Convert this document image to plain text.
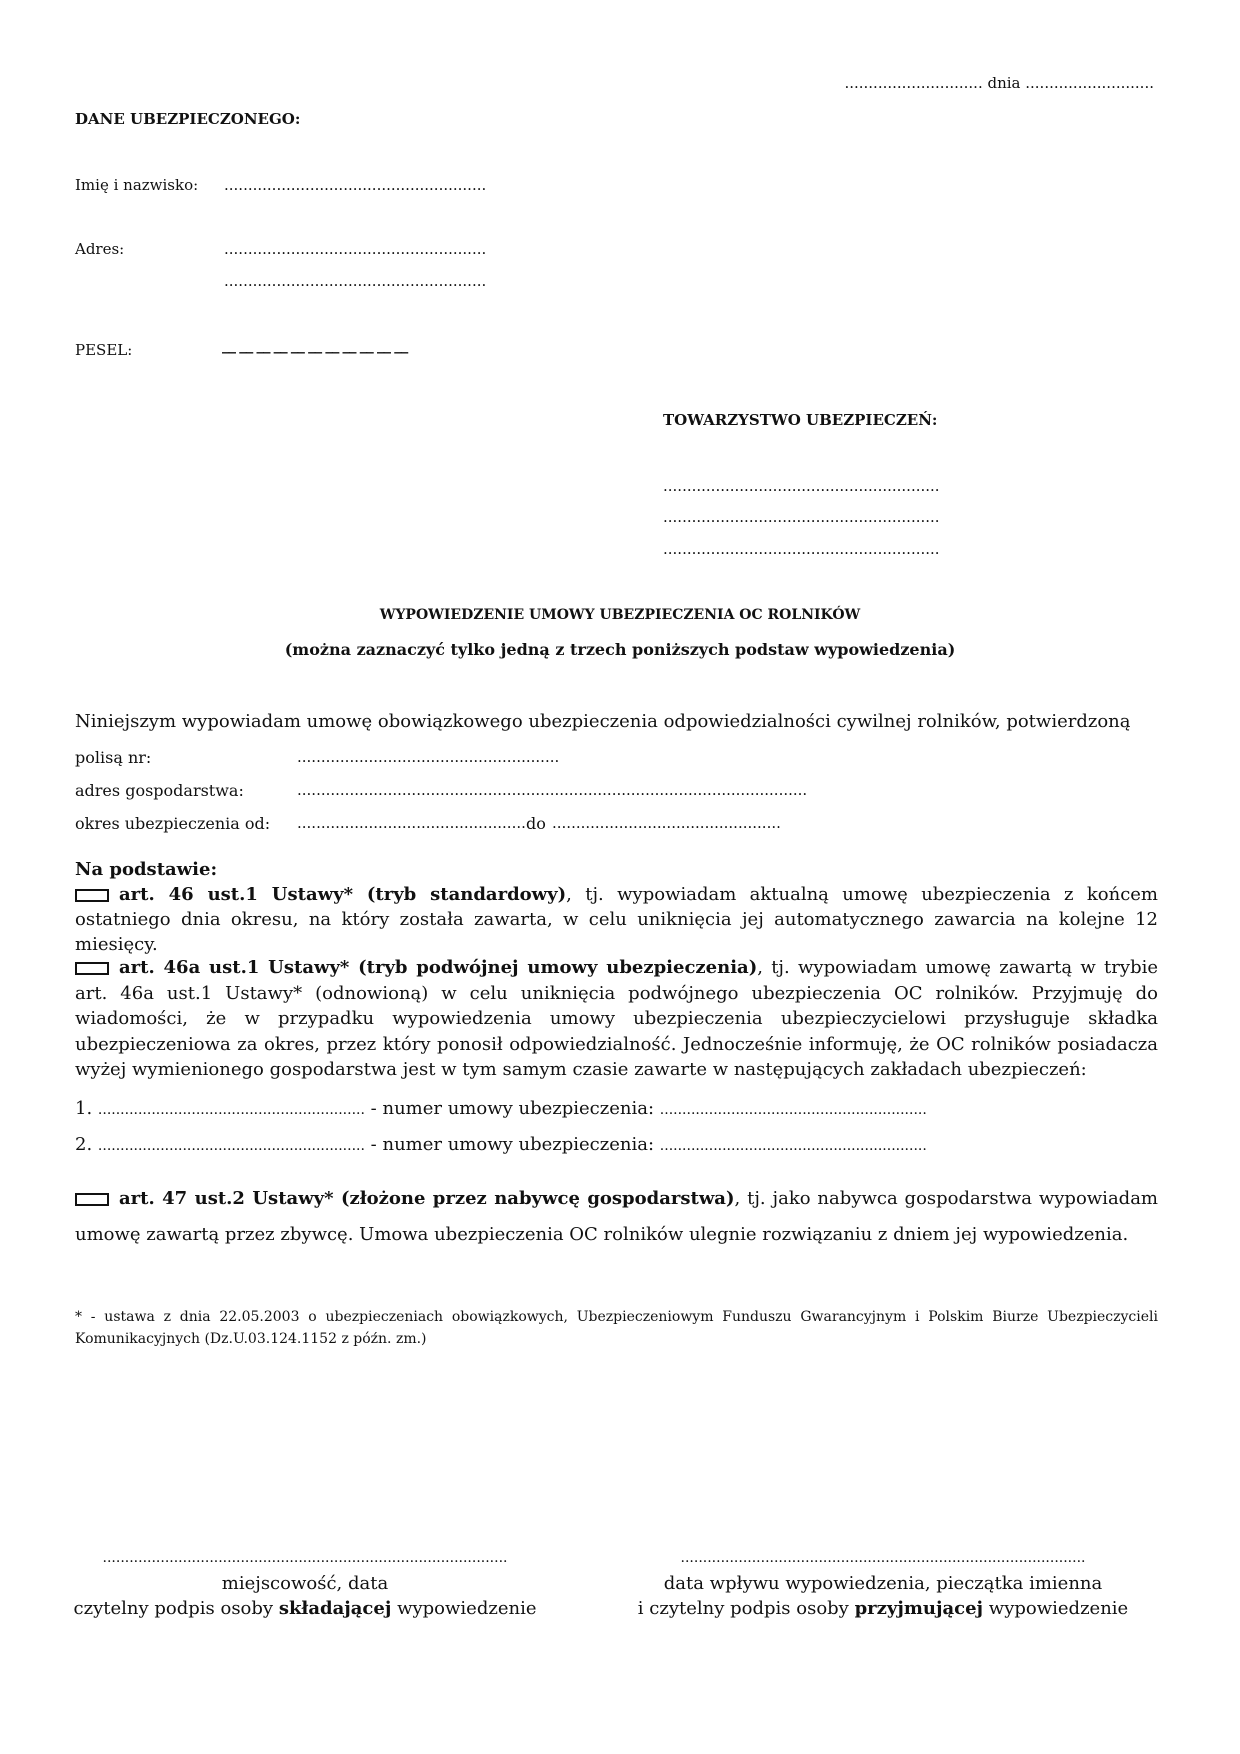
............................. dnia ...........................
DANE UBEZPIECZONEGO:
Imię i nazwisko: .......................................................
Adres:	.......................................................
.......................................................
PESEL:	__ __ __ __ __ __ __ __ __ __ __
TOWARZYSTWO UBEZPIECZEŃ:
..........................................................
..........................................................
..........................................................
WYPOWIEDZENIE UMOWY UBEZPIECZENIA OC ROLNIKÓW
(można zaznaczyć tylko jedną z trzech poniższych podstaw wypowiedzenia)
Niniejszym wypowiadam umowę obowiązkowego ubezpieczenia odpowiedzialności cywilnej rolników, potwierdzoną
polisą nr:	.......................................................
adres gospodarstwa:	...........................................................................................................
okres ubezpieczenia od: ................................................ do ................................................
Na podstawie:
art. 46 ust.1 Ustawy* (tryb standardowy), tj. wypowiadam aktualną umowę ubezpieczenia z końcem ostatniego dnia okresu, na który została zawarta, w celu uniknięcia jej automatycznego zawarcia na kolejne 12 miesięcy.
art. 46a ust.1 Ustawy* (tryb podwójnej umowy ubezpieczenia), tj. wypowiadam umowę zawartą w trybie art. 46a ust.1 Ustawy* (odnowioną) w celu uniknięcia podwójnego ubezpieczenia OC rolników. Przyjmuję do wiadomości, że w przypadku wypowiedzenia umowy ubezpieczenia ubezpieczycielowi przysługuje składka ubezpieczeniowa za okres, przez który ponosił odpowiedzialność. Jednocześnie informuję, że OC rolników posiadacza wyżej wymienionego gospodarstwa jest w tym samym czasie zawarte w następujących zakładach ubezpieczeń:
1. ............................................................ - numer umowy ubezpieczenia: ............................................................
2. ............................................................ - numer umowy ubezpieczenia: ............................................................
art. 47 ust.2 Ustawy* (złożone przez nabywcę gospodarstwa), tj. jako nabywca gospodarstwa wypowiadam umowę zawartą przez zbywcę. Umowa ubezpieczenia OC rolników ulegnie rozwiązaniu z dniem jej wypowiedzenia.
* - ustawa z dnia 22.05.2003 o ubezpieczeniach obowiązkowych, Ubezpieczeniowym Funduszu Gwarancyjnym i Polskim Biurze Ubezpieczycieli Komunikacyjnych (Dz.U.03.124.1152 z późn. zm.)
...........................................................................................
miejscowość, data
czytelny podpis osoby składającej wypowiedzenie
...........................................................................................
data wpływu wypowiedzenia, pieczątka imienna
i czytelny podpis osoby przyjmującej wypowiedzenie
